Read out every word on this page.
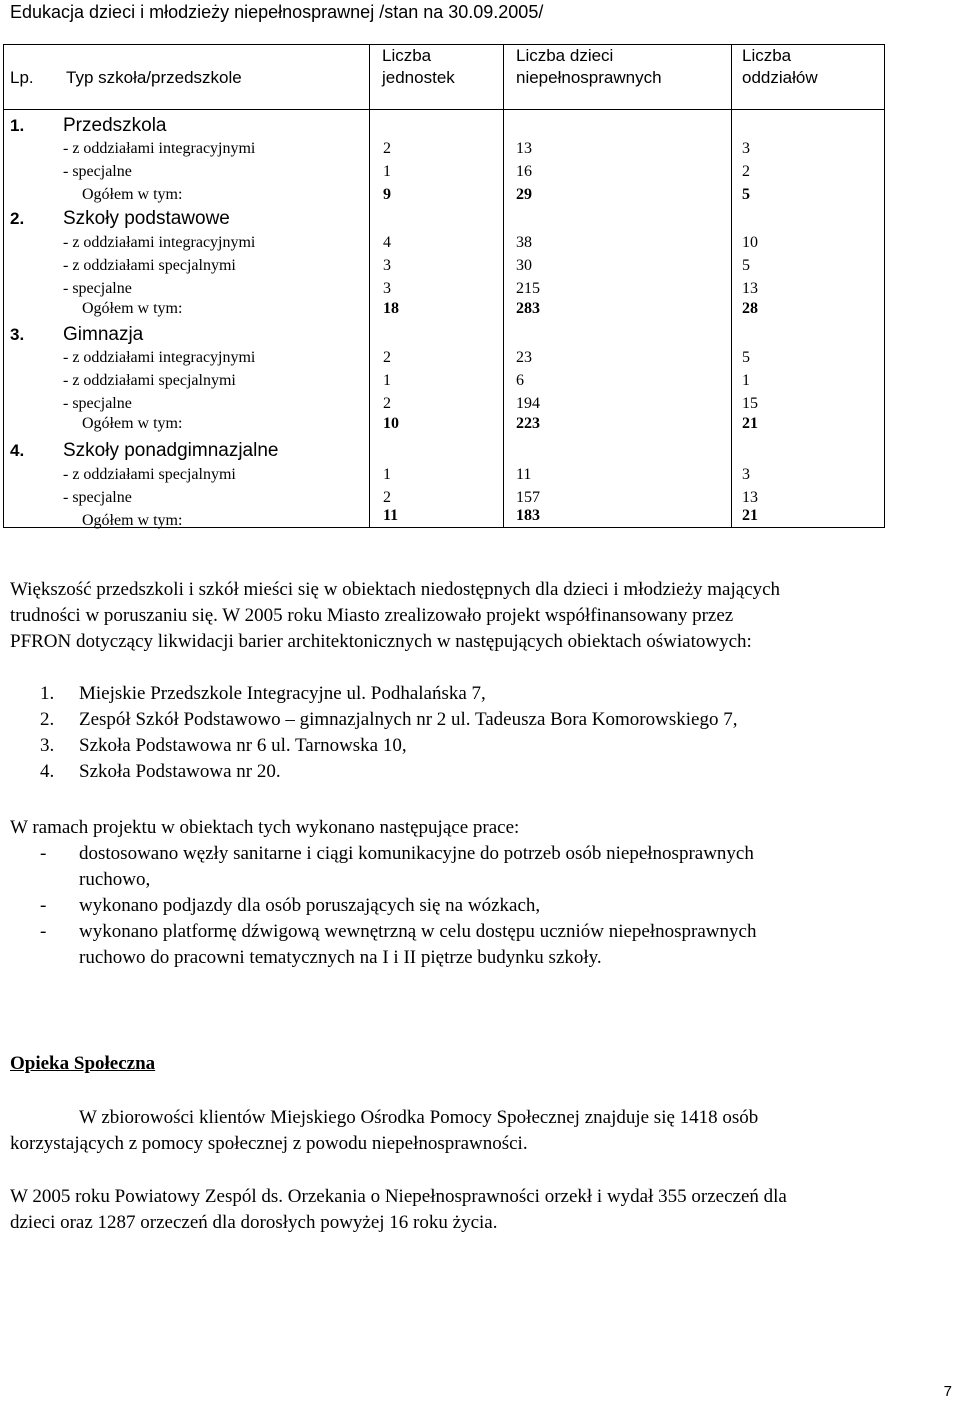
Edukacja dzieci i młodzieży niepełnosprawnej /stan na 30.09.2005/
Lp. Typ szkoła/przedszkole
Liczba
jednostek
Liczba dzieci
niepełnosprawnych
Liczba
oddziałów
1. Przedszkola
- z oddziałami integracyjnymi
- specjalne
Ogółem w tym:
2
1
9
13
16
29
3
2
5
2. Szkoły podstawowe
- z oddziałami integracyjnymi
- z oddziałami specjalnymi
- specjalne
Ogółem w tym:
4
3
3
18
38
30
215
283
10
5
13
28
3. Gimnazja
- z oddziałami integracyjnymi
- z oddziałami specjalnymi
- specjalne
Ogółem w tym:
2
1
2
10
23
6
194
223
5
1
15
21
4. Szkoły ponadgimnazjalne
- z oddziałami specjalnymi
- specjalne
Ogółem w tym:
1
2
11
11
157
183
3
13
21
Większość przedszkoli i szkół mieści się w obiektach niedostępnych dla dzieci i młodzieży mających
trudności w poruszaniu się. W 2005 roku Miasto zrealizowało projekt współfinansowany przez
PFRON dotyczący likwidacji barier architektonicznych w następujących obiektach oświatowych:
1. Miejskie Przedszkole Integracyjne ul. Podhalańska 7,
2. Zespół Szkół Podstawowo – gimnazjalnych nr 2 ul. Tadeusza Bora Komorowskiego 7,
3. Szkoła Podstawowa nr 6 ul. Tarnowska 10,
4. Szkoła Podstawowa nr 20.
W ramach projektu w obiektach tych wykonano następujące prace:
- dostosowano węzły sanitarne i ciągi komunikacyjne do potrzeb osób niepełnosprawnych
ruchowo,
- wykonano podjazdy dla osób poruszających się na wózkach,
- wykonano platformę dźwigową wewnętrzną w celu dostępu uczniów niepełnosprawnych
ruchowo do pracowni tematycznych na I i II piętrze budynku szkoły.
Opieka Społeczna
W zbiorowości klientów Miejskiego Ośrodka Pomocy Społecznej znajduje się 1418 osób
korzystających z pomocy społecznej z powodu niepełnosprawności.
W 2005 roku Powiatowy Zespól ds. Orzekania o Niepełnosprawności orzekł i wydał 355 orzeczeń dla
dzieci oraz 1287 orzeczeń dla dorosłych powyżej 16 roku życia.
7
